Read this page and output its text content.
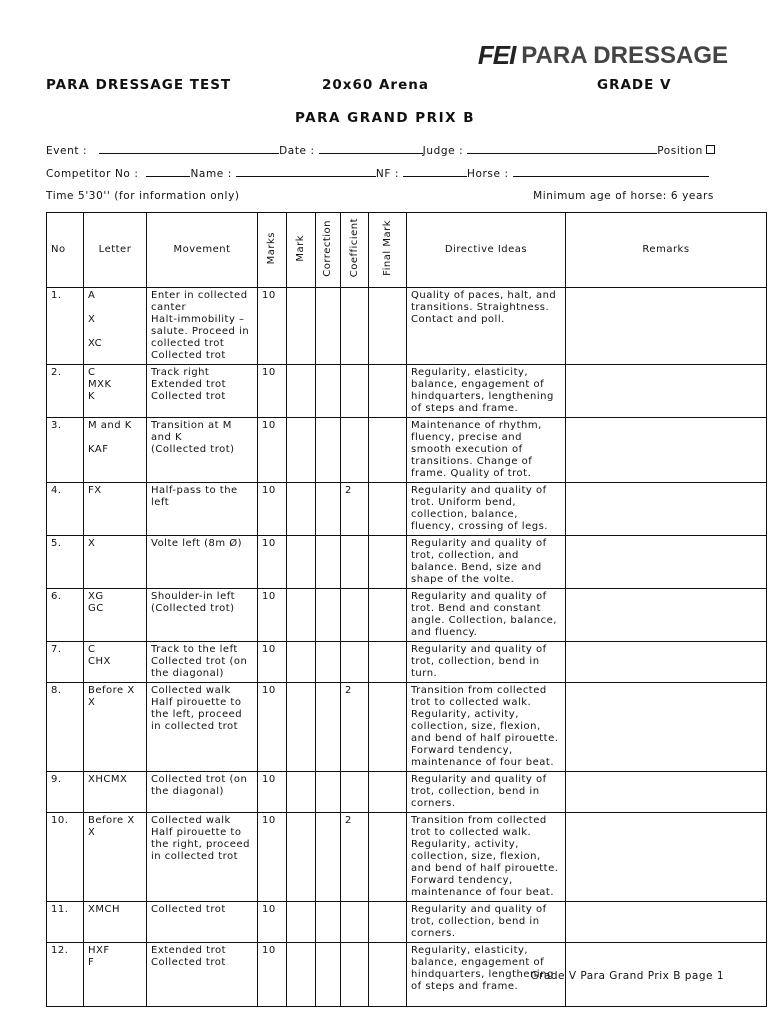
FEI PARA DRESSAGE
PARA DRESSAGE TEST	20x60 Arena	GRADE V
PARA GRAND PRIX B
Event :	Date :	Judge :	Position
Competitor No :	Name :	NF :	Horse :
Time 5'30'' (for information only)	Minimum age of horse: 6 years
No	Letter	Movement	Marks	Mark	Correction	Coefficient	Final Mark	Directive Ideas	Remarks
1.	A

X

XC	Enter in collected canter
Halt-immobility – salute. Proceed in collected trot
Collected trot	10					Quality of paces, halt, and transitions. Straightness. Contact and poll.	
2.	C
MXK
K	Track right
Extended trot
Collected trot	10					Regularity, elasticity, balance, engagement of hindquarters, lengthening of steps and frame.	
3.	M and K

KAF	Transition at M and K
(Collected trot)	10					Maintenance of rhythm, fluency, precise and smooth execution of transitions. Change of frame. Quality of trot.	
4.	FX	Half-pass to the left	10			2		Regularity and quality of trot. Uniform bend, collection, balance, fluency, crossing of legs.	
5.	X	Volte left (8m Ø)	10					Regularity and quality of trot, collection, and balance. Bend, size and shape of the volte.	
6.	XG
GC	Shoulder-in left
(Collected trot)	10					Regularity and quality of trot. Bend and constant angle. Collection, balance, and fluency.	
7.	C
CHX	Track to the left
Collected trot (on the diagonal)	10					Regularity and quality of trot, collection, bend in turn.	
8.	Before X
X	Collected walk
Half pirouette to the left, proceed in collected trot	10			2		Transition from collected trot to collected walk. Regularity, activity, collection, size, flexion, and bend of half pirouette. Forward tendency, maintenance of four beat.	
9.	XHCMX	Collected trot (on the diagonal)	10					Regularity and quality of trot, collection, bend in corners.	
10.	Before X
X	Collected walk
Half pirouette to the right, proceed in collected trot	10			2		Transition from collected trot to collected walk. Regularity, activity, collection, size, flexion, and bend of half pirouette. Forward tendency, maintenance of four beat.	
11.	XMCH	Collected trot	10					Regularity and quality of trot, collection, bend in corners.	
12.	HXF
F	Extended trot
Collected trot	10					Regularity, elasticity, balance, engagement of hindquarters, lengthening of steps and frame.	
Grade V Para Grand Prix B page 1
